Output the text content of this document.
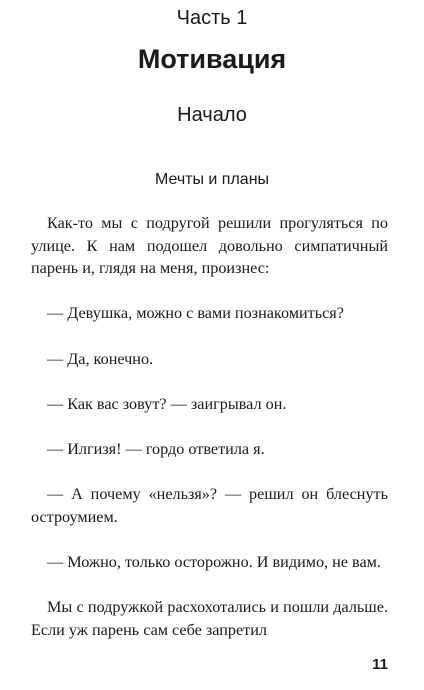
Часть 1
Мотивация
Начало
Мечты и планы

Как-то мы с подругой решили прогуляться по улице. К нам подошел довольно симпатичный парень и, глядя на меня, произнес:

— Девушка, можно с вами познакомиться?

— Да, конечно.

— Как вас зовут? — заигрывал он.

— Илгизя! — гордо ответила я.

— А почему «нельзя»? — решил он блеснуть остроумием.

— Можно, только осторожно. И видимо, не вам.

Мы с подружкой расхохотались и пошли дальше. Если уж парень сам себе запретил

11
